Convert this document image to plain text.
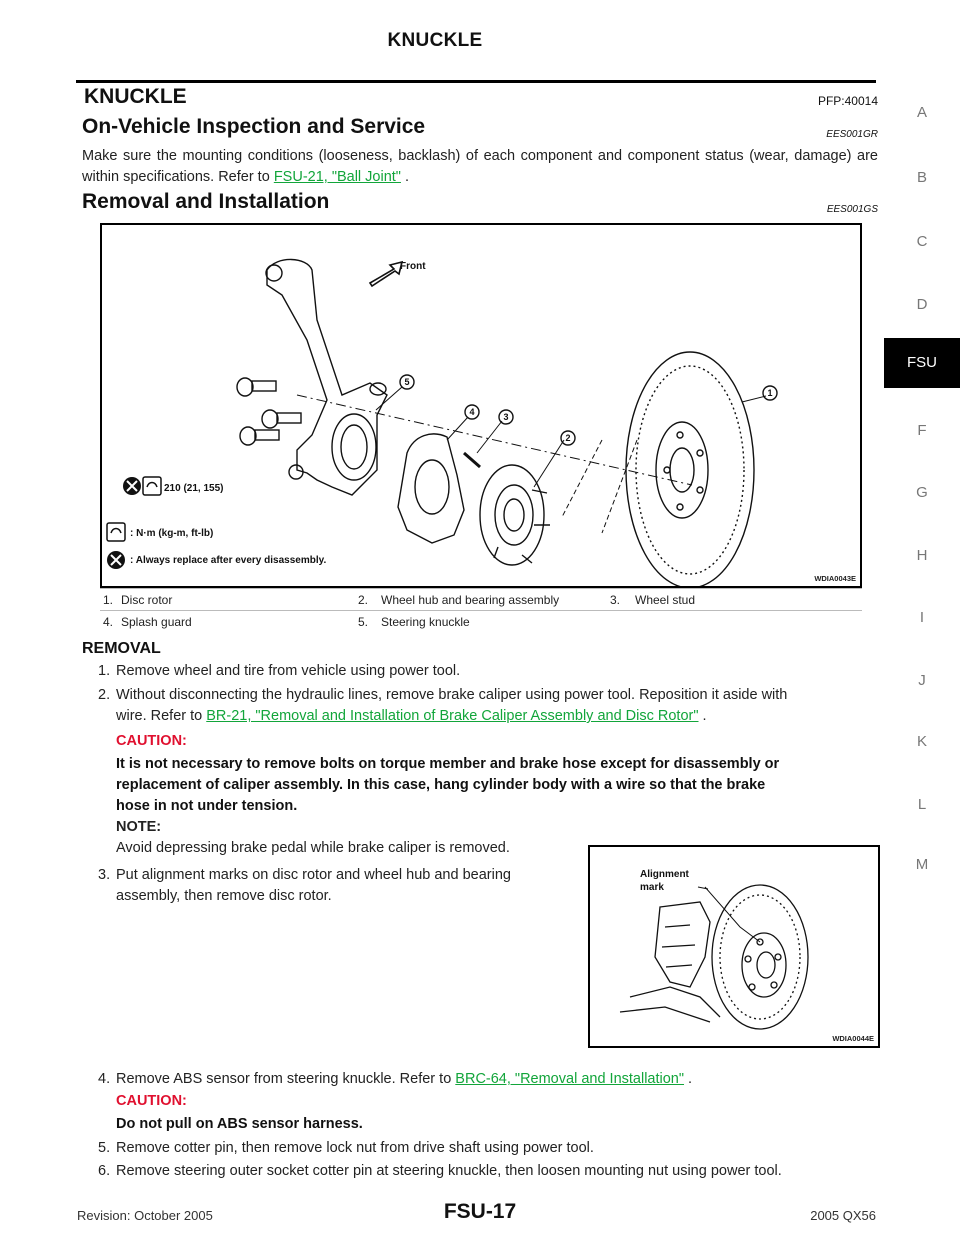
KNUCKLE
A
B
C
D
FSU
F
G
H
I
J
K
L
M
KNUCKLE	PFP:40014
On-Vehicle Inspection and Service	EES001GR
Make sure the mounting conditions (looseness, backlash) of each component and component status (wear, damage) are within specifications. Refer to FSU-21, "Ball Joint" .
Removal and Installation	EES001GS
Front
210 (21, 155)
: N·m (kg-m, ft-lb)
: Always replace after every disassembly.
5
4	3
2
1
WDIA0043E
1. Disc rotor	2. Wheel hub and bearing assembly	3. Wheel stud
4. Splash guard	5. Steering knuckle
REMOVAL
1. Remove wheel and tire from vehicle using power tool.
2. Without disconnecting the hydraulic lines, remove brake caliper using power tool. Reposition it aside with
wire. Refer to BR-21, "Removal and Installation of Brake Caliper Assembly and Disc Rotor" .
CAUTION:
It is not necessary to remove bolts on torque member and brake hose except for disassembly or
replacement of caliper assembly. In this case, hang cylinder body with a wire so that the brake
hose in not under tension.
NOTE:
Avoid depressing brake pedal while brake caliper is removed.
3. Put alignment marks on disc rotor and wheel hub and bearing
assembly, then remove disc rotor.
Alignment
mark
WDIA0044E
4. Remove ABS sensor from steering knuckle. Refer to BRC-64, "Removal and Installation" .
CAUTION:
Do not pull on ABS sensor harness.
5. Remove cotter pin, then remove lock nut from drive shaft using power tool.
6. Remove steering outer socket cotter pin at steering knuckle, then loosen mounting nut using power tool.
Revision: October 2005	FSU-17	2005 QX56
